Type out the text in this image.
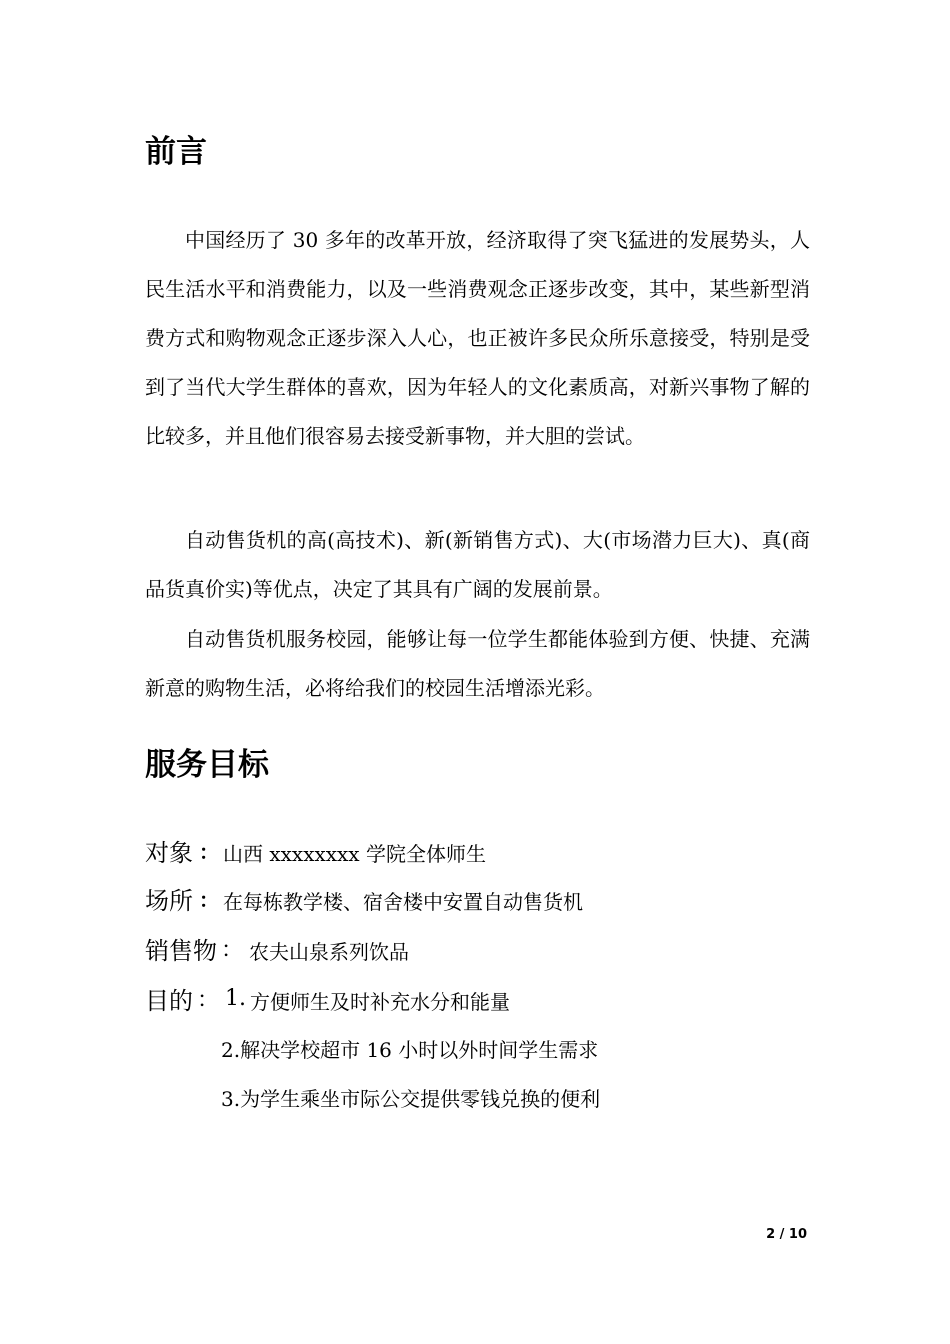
前言

中国经历了 30 多年的改革开放，经济取得了突飞猛进的发展势头，人民生活水平和消费能力，以及一些消费观念正逐步改变，其中，某些新型消费方式和购物观念正逐步深入人心，也正被许多民众所乐意接受，特别是受到了当代大学生群体的喜欢，因为年轻人的文化素质高，对新兴事物了解的比较多，并且他们很容易去接受新事物，并大胆的尝试。

自动售货机的高(高技术)、新(新销售方式)、大(市场潜力巨大)、真(商品货真价实)等优点，决定了其具有广阔的发展前景。

自动售货机服务校园，能够让每一位学生都能体验到方便、快捷、充满新意的购物生活，必将给我们的校园生活增添光彩。

服务目标
对象 ： 山西 xxxxxxxx 学院全体师生
场所 ： 在每栋教学楼、宿舍楼中安置自动售货机
销售物 ： 农夫山泉系列饮品
目的 ： 1. 方便师生及时补充水分和能量
2.解决学校超市 16 小时以外时间学生需求
3.为学生乘坐市际公交提供零钱兑换的便利
2 / 10
